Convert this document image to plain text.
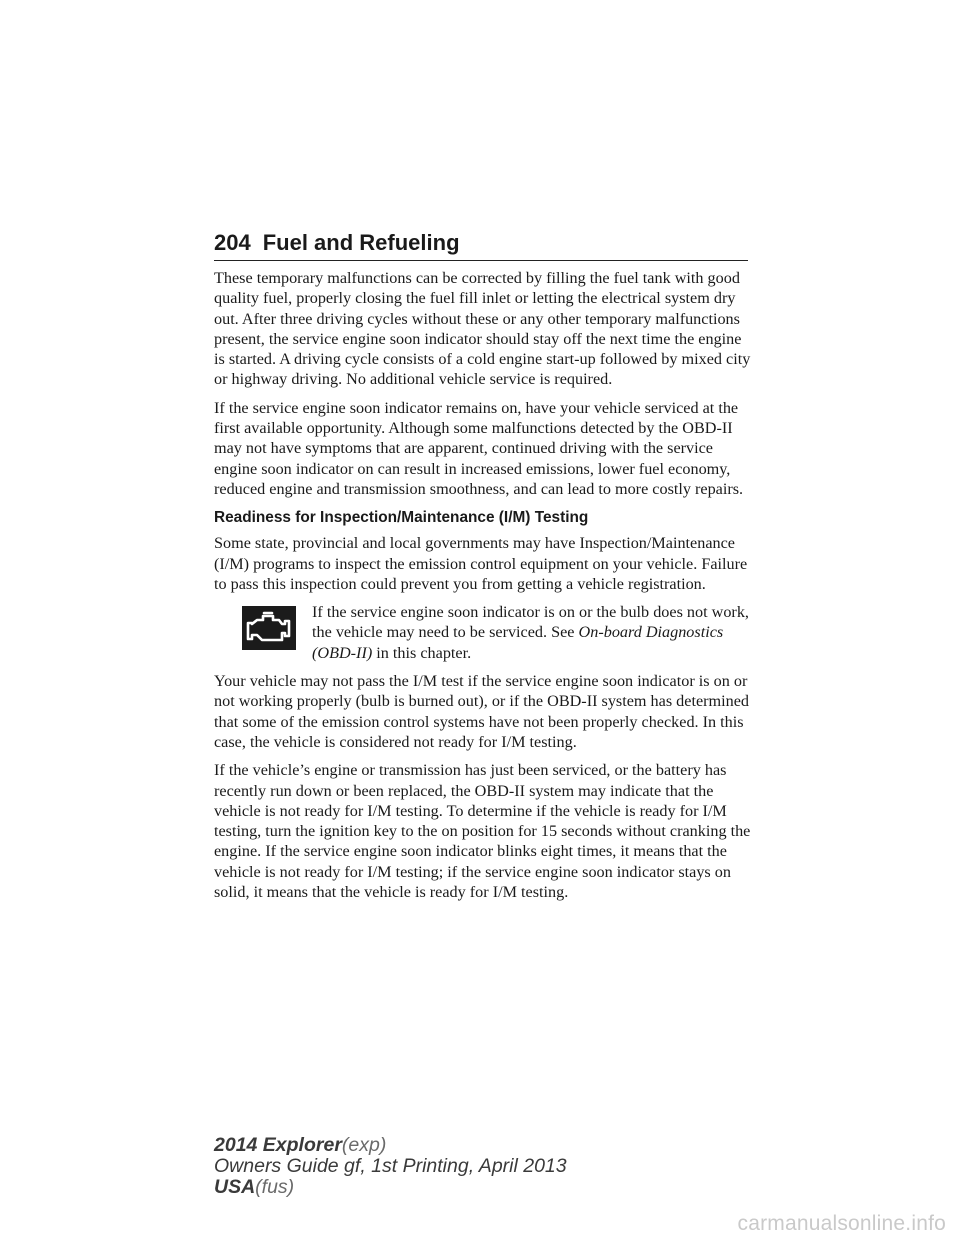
204 Fuel and Refueling

These temporary malfunctions can be corrected by filling the fuel tank with good quality fuel, properly closing the fuel fill inlet or letting the electrical system dry out. After three driving cycles without these or any other temporary malfunctions present, the service engine soon indicator should stay off the next time the engine is started. A driving cycle consists of a cold engine start-up followed by mixed city or highway driving. No additional vehicle service is required.

If the service engine soon indicator remains on, have your vehicle serviced at the first available opportunity. Although some malfunctions detected by the OBD-II may not have symptoms that are apparent, continued driving with the service engine soon indicator on can result in increased emissions, lower fuel economy, reduced engine and transmission smoothness, and can lead to more costly repairs.

Readiness for Inspection/Maintenance (I/M) Testing

Some state, provincial and local governments may have Inspection/Maintenance (I/M) programs to inspect the emission control equipment on your vehicle. Failure to pass this inspection could prevent you from getting a vehicle registration.

If the service engine soon indicator is on or the bulb does not work, the vehicle may need to be serviced. See On-board Diagnostics (OBD-II) in this chapter.

Your vehicle may not pass the I/M test if the service engine soon indicator is on or not working properly (bulb is burned out), or if the OBD-II system has determined that some of the emission control systems have not been properly checked. In this case, the vehicle is considered not ready for I/M testing.

If the vehicle’s engine or transmission has just been serviced, or the battery has recently run down or been replaced, the OBD-II system may indicate that the vehicle is not ready for I/M testing. To determine if the vehicle is ready for I/M testing, turn the ignition key to the on position for 15 seconds without cranking the engine. If the service engine soon indicator blinks eight times, it means that the vehicle is not ready for I/M testing; if the service engine soon indicator stays on solid, it means that the vehicle is ready for I/M testing.

2014 Explorer(exp)
Owners Guide gf, 1st Printing, April 2013
USA(fus)
carmanualsonline.info
